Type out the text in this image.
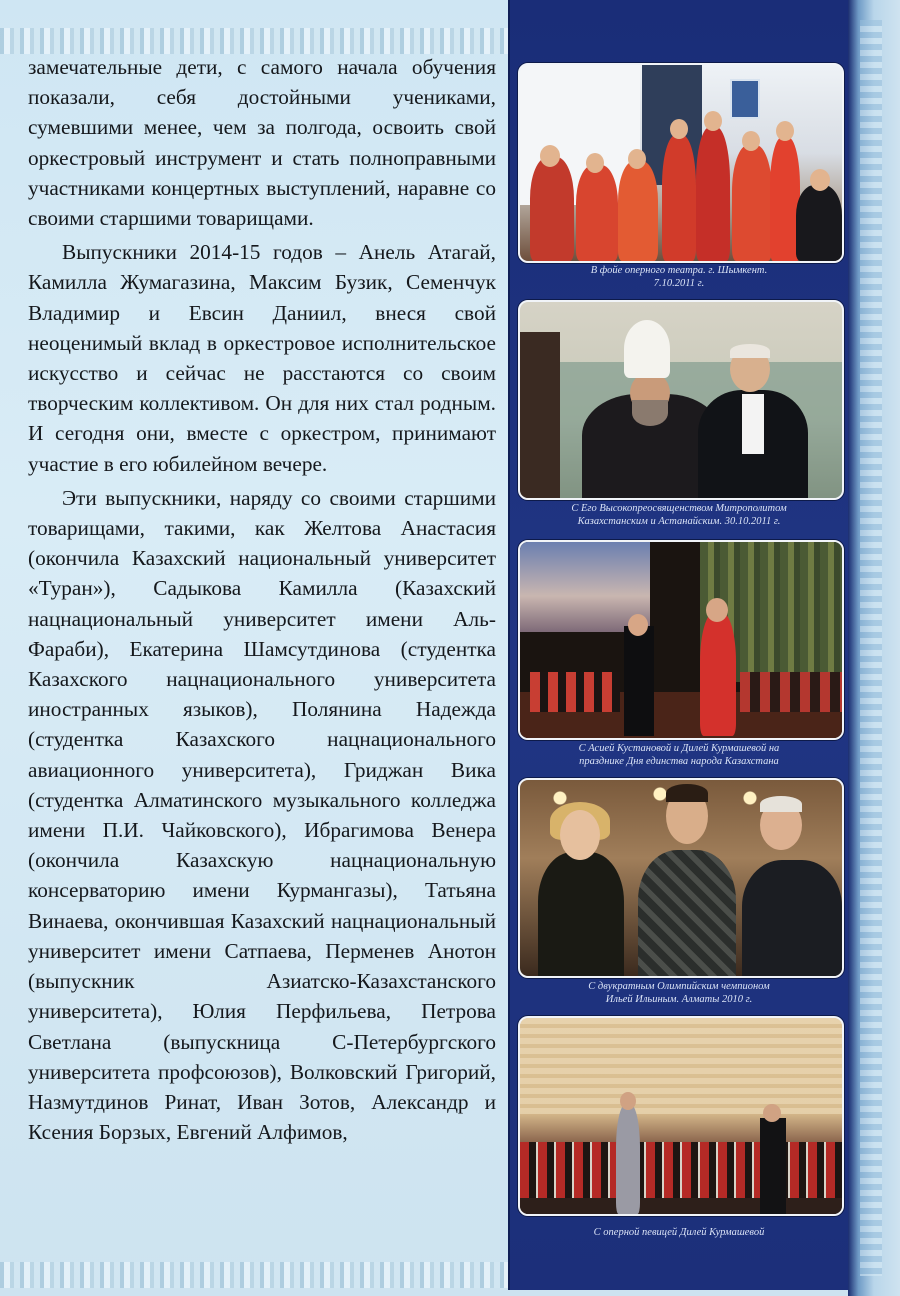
замечательные дети, с самого начала обучения показали, себя достойными учениками, сумевшими менее, чем за полгода, освоить свой оркестровый инструмент и стать полноправными участниками концертных выступлений, наравне со своими старшими товарищами.

Выпускники 2014-15 годов – Анель Атагай, Камилла Жумагазина, Максим Бузик, Семенчук Владимир и Евсин Даниил, внеся свой неоценимый вклад в оркестровое исполнительское искусство и сейчас не расстаются со своим творческим коллективом. Он для них стал родным. И сегодня они, вместе с оркестром, принимают участие в его юбилейном вечере.

Эти выпускники, наряду со своими старшими товарищами, такими, как Желтова Анастасия (окончила Казахский национальный университет «Туран»), Садыкова Камилла (Казахский нацнациональный университет имени Аль-Фараби), Екатерина Шамсутдинова (студентка Казахского нацнационального университета иностранных языков), Полянина Надежда (студентка Казахского нацнационального авиационного университета), Гриджан Вика (студентка Алматинского музыкального колледжа имени П.И. Чайковского), Ибрагимова Венера (окончила Казахскую нацнациональную консерваторию имени Курмангазы), Татьяна Винаева, окончившая Казахский нацнациональный университет имени Сатпаева, Перменев Анотон (выпускник Азиатско-Казахстанского университета), Юлия Перфильева, Петрова Светлана (выпускница С-Петербургского университета профсоюзов), Волковский Григорий, Назмутдинов Ринат, Иван Зотов, Александр и Ксения Борзых, Евгений Алфимов,

В фойе оперного театра. г. Шымкент.
7.10.2011 г.
С Его Высокопреосвященством Митрополитом
Казахстанским и Астанайским. 30.10.2011 г.
С Асией Кустановой и Дилей Курмашевой на
празднике Дня единства народа Казахстана
С двукратным Олимпийским чемпионом
Ильей Ильиным. Алматы 2010 г.
С оперной певицей Дилей Курмашевой
